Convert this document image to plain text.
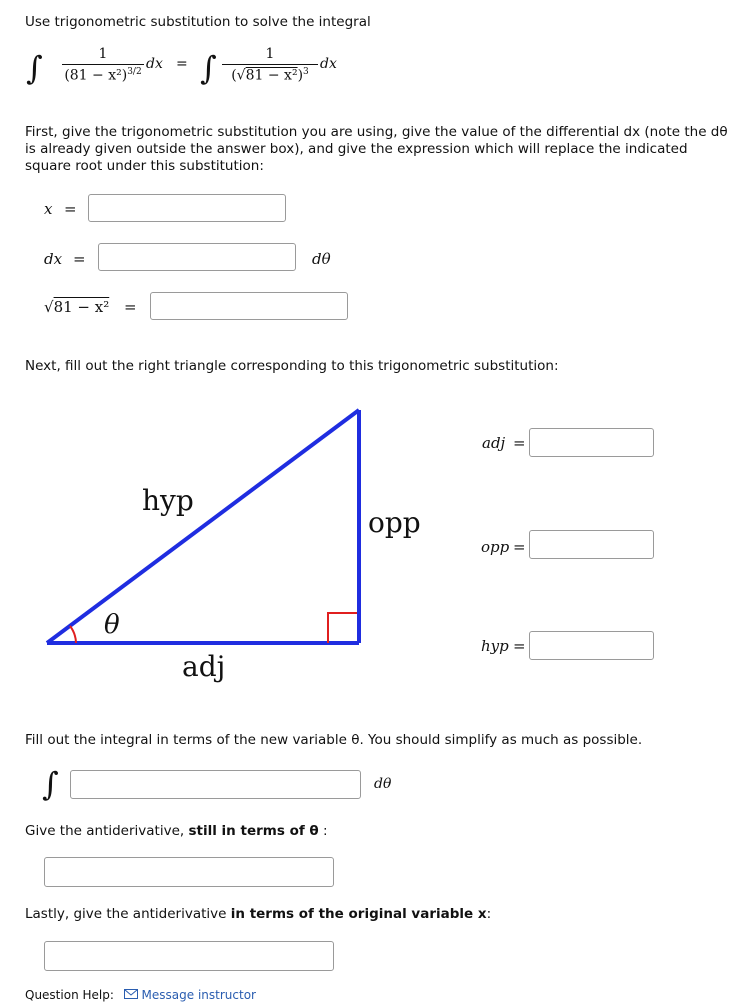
Use trigonometric substitution to solve the integral
∫ $\frac{1}{(81 - x^2)^{3/2}}$ dx = ∫ $\frac{1}{(√81 - x^2)^3}$ dx
First, give the trigonometric substitution you are using, give the value of the differential dx (note the dθ is already given outside the answer box), and give the expression which will replace the indicated square root under this substitution:
x =
dx =	dθ
√81 − x² =
Next, fill out the right triangle corresponding to this trigonometric substitution:
hyp
opp
adj
θ
adj =
opp =
hyp =
Fill out the integral in terms of the new variable θ. You should simplify as much as possible.
∫	dθ
Give the antiderivative, still in terms of θ :
Lastly, give the antiderivative in terms of the original variable x:
Question Help: Message instructor
